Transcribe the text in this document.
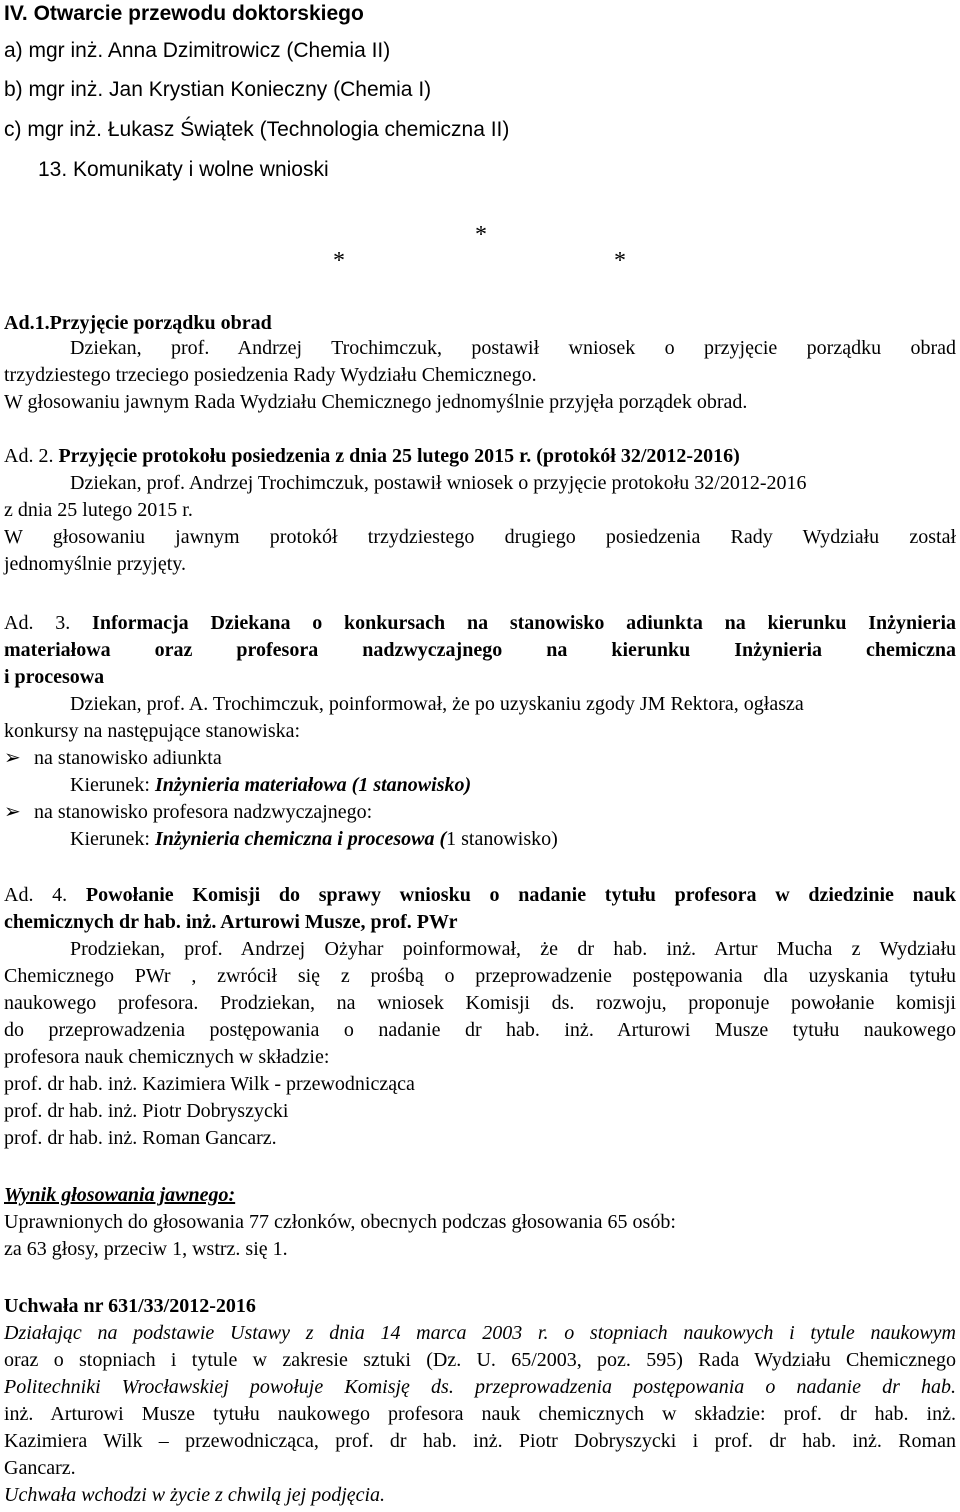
IV. Otwarcie przewodu doktorskiego
a) mgr inż. Anna Dzimitrowicz (Chemia II)
b) mgr inż. Jan Krystian Konieczny (Chemia I)
c) mgr inż. Łukasz Świątek (Technologia chemiczna II)
13. Komunikaty i wolne wnioski
*
*	*
Ad.1.Przyjęcie porządku obrad
Dziekan, prof. Andrzej Trochimczuk, postawił wniosek o przyjęcie porządku obrad
trzydziestego trzeciego posiedzenia Rady Wydziału Chemicznego.
W głosowaniu jawnym Rada Wydziału Chemicznego jednomyślnie przyjęła porządek obrad.
Ad. 2. Przyjęcie protokołu posiedzenia z dnia 25 lutego 2015 r. (protokół 32/2012-2016)
Dziekan, prof. Andrzej Trochimczuk, postawił wniosek o przyjęcie protokołu 32/2012-2016
z dnia 25 lutego 2015 r.
W głosowaniu jawnym protokół trzydziestego drugiego posiedzenia Rady Wydziału został
jednomyślnie przyjęty.
Ad. 3. Informacja Dziekana o konkursach na stanowisko adiunkta na kierunku Inżynieria
materiałowa oraz profesora nadzwyczajnego na kierunku Inżynieria chemiczna
i procesowa
Dziekan, prof. A. Trochimczuk, poinformował, że po uzyskaniu zgody JM Rektora, ogłasza
konkursy na następujące stanowiska:
➢ na stanowisko adiunkta
Kierunek: Inżynieria materiałowa (1 stanowisko)
➢ na stanowisko profesora nadzwyczajnego:
Kierunek: Inżynieria chemiczna i procesowa (1 stanowisko)
Ad. 4. Powołanie Komisji do sprawy wniosku o nadanie tytułu profesora w dziedzinie nauk
chemicznych dr hab. inż. Arturowi Musze, prof. PWr
Prodziekan, prof. Andrzej Ożyhar poinformował, że dr hab. inż. Artur Mucha z Wydziału
Chemicznego PWr , zwrócił się z prośbą o przeprowadzenie postępowania dla uzyskania tytułu
naukowego profesora. Prodziekan, na wniosek Komisji ds. rozwoju, proponuje powołanie komisji
do przeprowadzenia postępowania o nadanie dr hab. inż. Arturowi Musze tytułu naukowego
profesora nauk chemicznych w składzie:
prof. dr hab. inż. Kazimiera Wilk - przewodnicząca
prof. dr hab. inż. Piotr Dobryszycki
prof. dr hab. inż. Roman Gancarz.
Wynik głosowania jawnego:
Uprawnionych do głosowania 77 członków, obecnych podczas głosowania 65 osób:
za 63 głosy, przeciw 1, wstrz. się 1.
Uchwała nr 631/33/2012-2016
Działając na podstawie Ustawy z dnia 14 marca 2003 r. o stopniach naukowych i tytule naukowym
oraz o stopniach i tytule w zakresie sztuki (Dz. U. 65/2003, poz. 595) Rada Wydziału Chemicznego
Politechniki Wrocławskiej powołuje Komisję ds. przeprowadzenia postępowania o nadanie dr hab.
inż. Arturowi Musze tytułu naukowego profesora nauk chemicznych w składzie: prof. dr hab. inż.
Kazimiera Wilk – przewodnicząca, prof. dr hab. inż. Piotr Dobryszycki i prof. dr hab. inż. Roman
Gancarz.
Uchwała wchodzi w życie z chwilą jej podjęcia.
